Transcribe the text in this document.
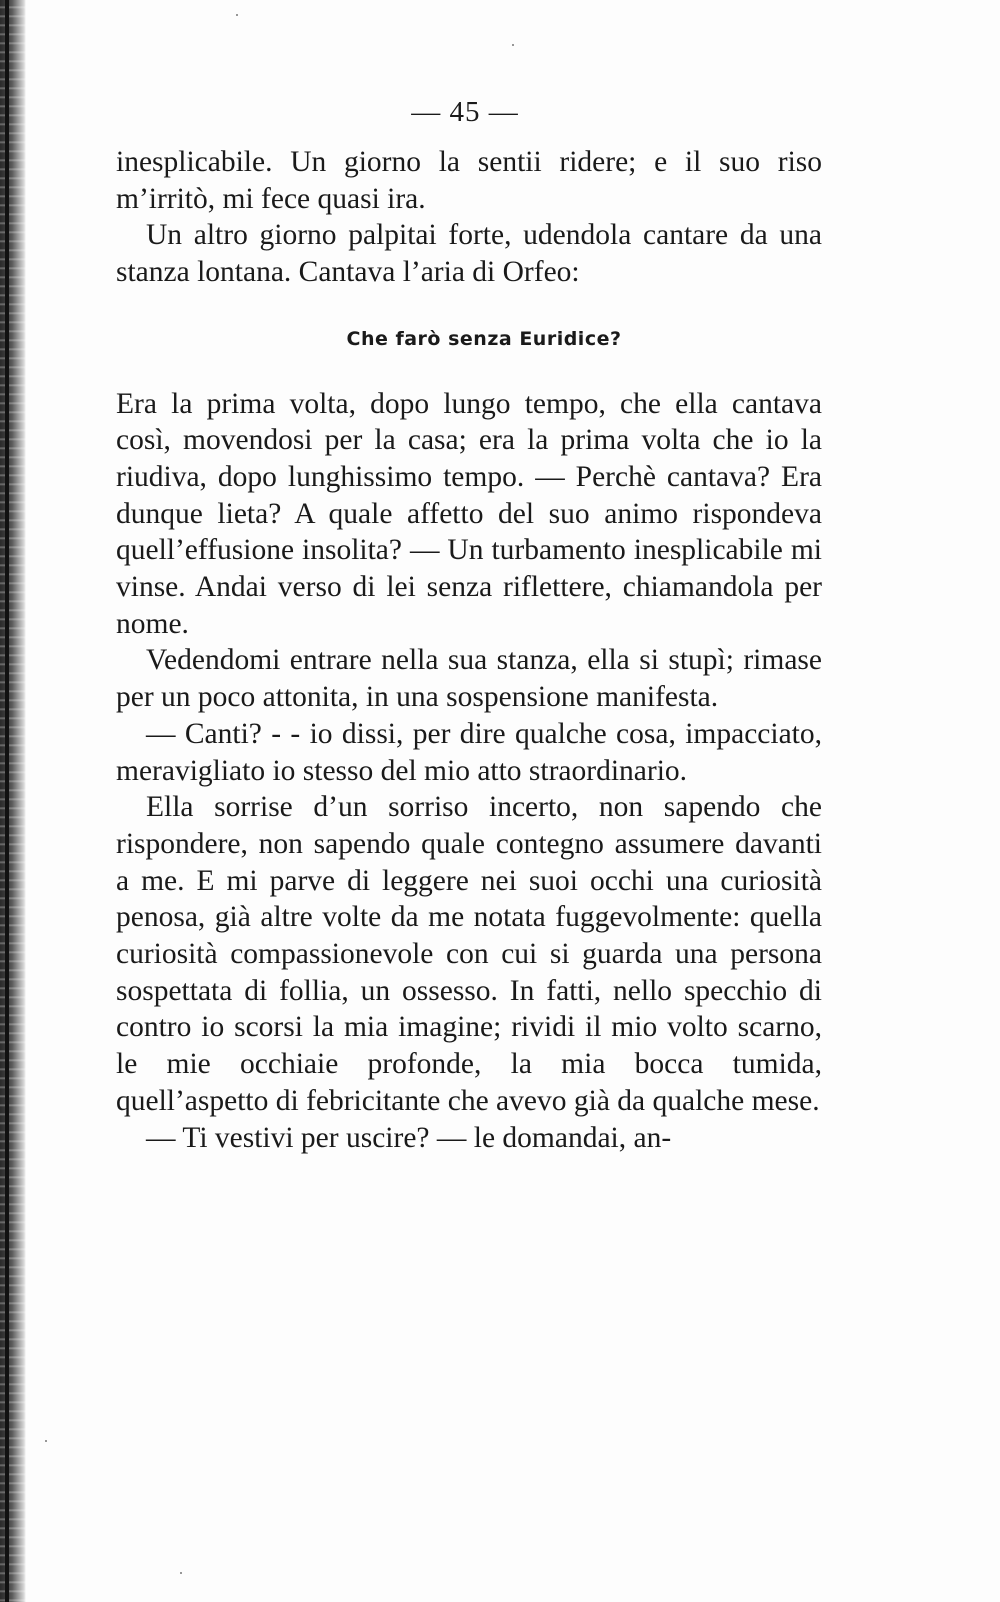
— 45 —

inesplicabile. Un giorno la sentii ridere; e il suo riso m’irritò, mi fece quasi ira.

Un altro giorno palpitai forte, udendola cantare da una stanza lontana. Cantava l’aria di Orfeo:

Che farò senza Euridice?

Era la prima volta, dopo lungo tempo, che ella cantava così, movendosi per la casa; era la prima volta che io la riudiva, dopo lunghissimo tempo. — Perchè cantava? Era dunque lieta? A quale affetto del suo animo rispondeva quell’effusione insolita? — Un turbamento inesplicabile mi vinse. Andai verso di lei senza riflettere, chiamandola per nome.

Vedendomi entrare nella sua stanza, ella si stupì; rimase per un poco attonita, in una sospensione manifesta.

— Canti? - - io dissi, per dire qualche cosa, impacciato, meravigliato io stesso del mio atto straordinario.

Ella sorrise d’un sorriso incerto, non sapendo che rispondere, non sapendo quale contegno assumere davanti a me. E mi parve di leggere nei suoi occhi una curiosità penosa, già altre volte da me notata fuggevolmente: quella curiosità compassionevole con cui si guarda una persona sospettata di follia, un ossesso. In fatti, nello specchio di contro io scorsi la mia imagine; rividi il mio volto scarno, le mie occhiaie profonde, la mia bocca tumida, quell’aspetto di febricitante che avevo già da qualche mese.

— Ti vestivi per uscire? — le domandai, an-
